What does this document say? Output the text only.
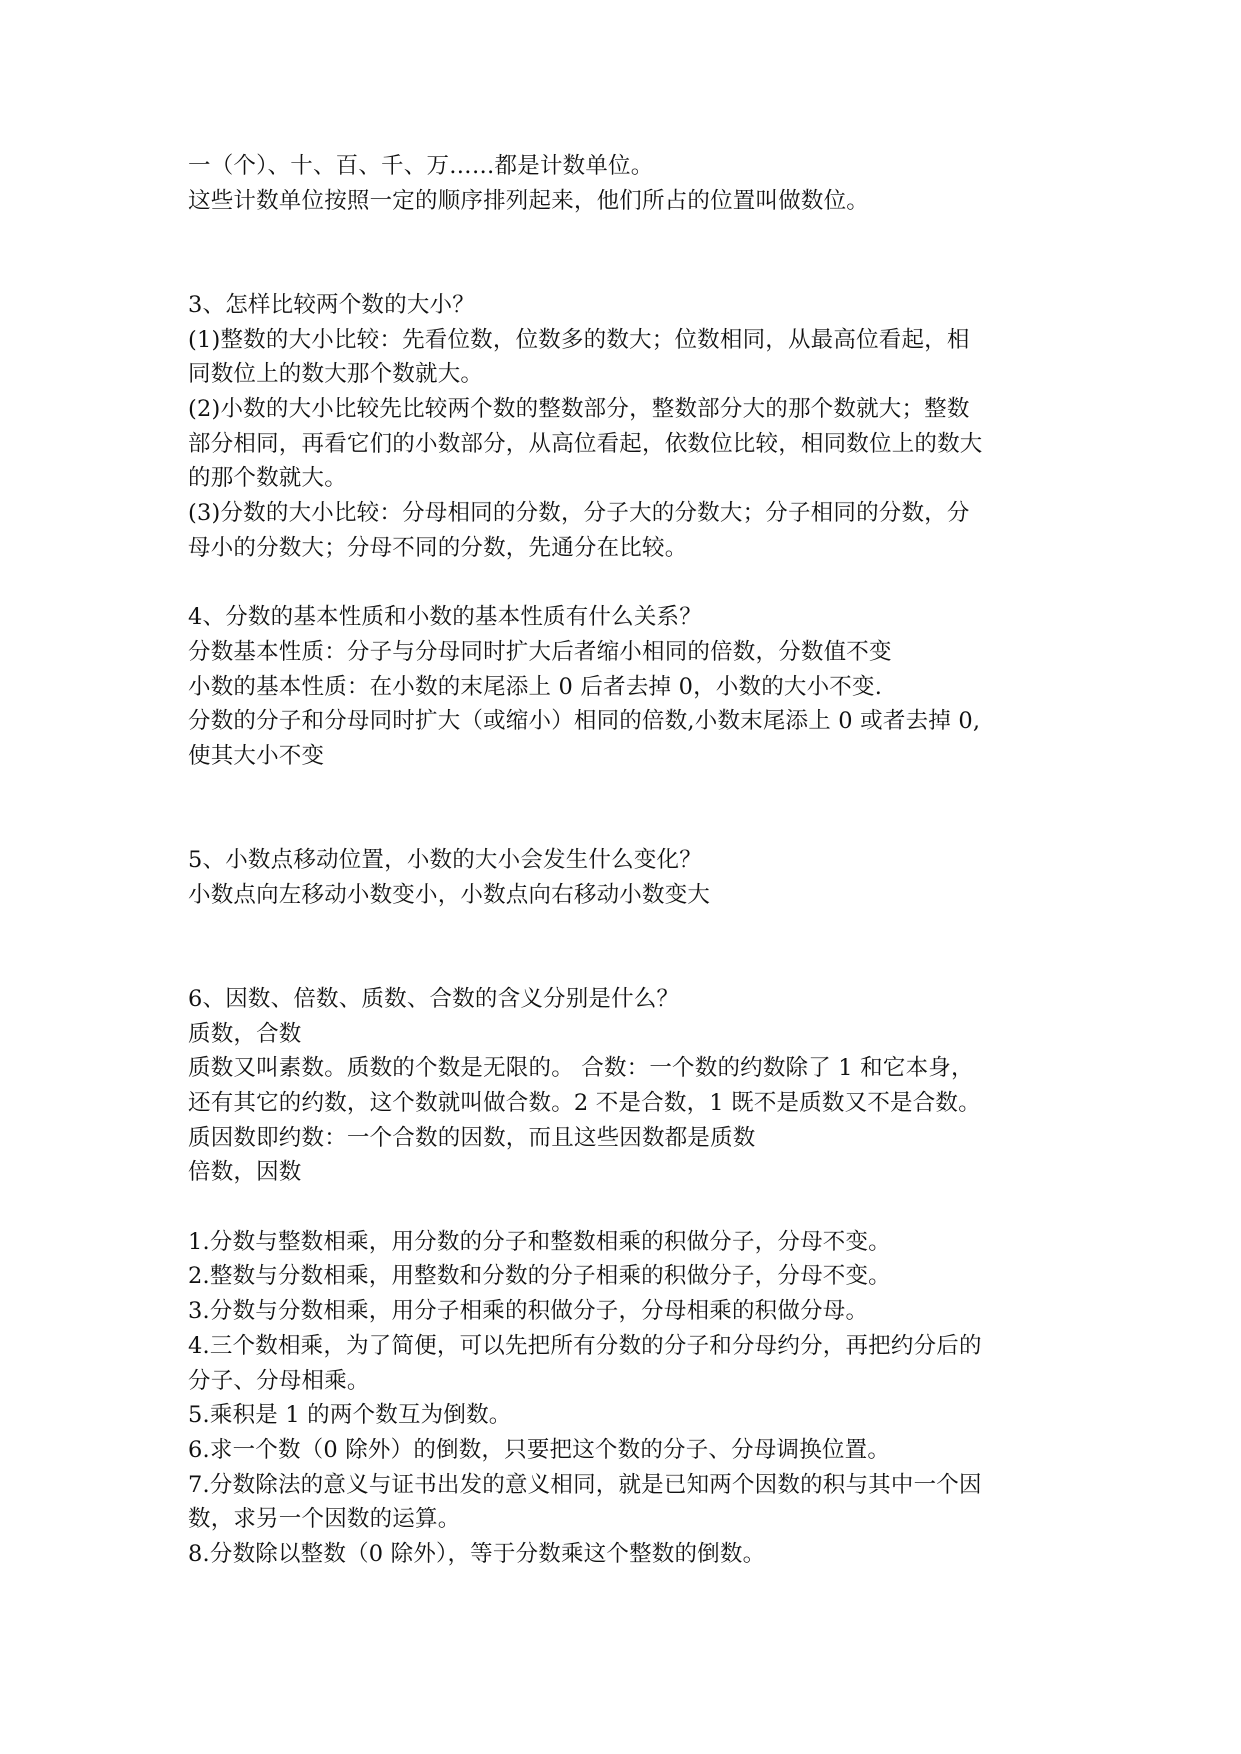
一（个）、十、百、千、万……都是计数单位。
这些计数单位按照一定的顺序排列起来，他们所占的位置叫做数位。
3、怎样比较两个数的大小？
(1)整数的大小比较：先看位数，位数多的数大；位数相同，从最高位看起，相
同数位上的数大那个数就大。
(2)小数的大小比较先比较两个数的整数部分，整数部分大的那个数就大；整数
部分相同，再看它们的小数部分，从高位看起，依数位比较，相同数位上的数大
的那个数就大。
(3)分数的大小比较：分母相同的分数，分子大的分数大；分子相同的分数，分
母小的分数大；分母不同的分数，先通分在比较。
4、分数的基本性质和小数的基本性质有什么关系？
分数基本性质：分子与分母同时扩大后者缩小相同的倍数，分数值不变
小数的基本性质：在小数的末尾添上 0 后者去掉 0，小数的大小不变.
分数的分子和分母同时扩大（或缩小）相同的倍数,小数末尾添上 0 或者去掉 0,
使其大小不变
5、小数点移动位置，小数的大小会发生什么变化？
小数点向左移动小数变小，小数点向右移动小数变大
6、因数、倍数、质数、合数的含义分别是什么？
质数，合数
质数又叫素数。质数的个数是无限的。 合数：一个数的约数除了 1 和它本身，
还有其它的约数，这个数就叫做合数。2 不是合数，1 既不是质数又不是合数。
质因数即约数：一个合数的因数，而且这些因数都是质数
倍数，因数
1.分数与整数相乘，用分数的分子和整数相乘的积做分子，分母不变。
2.整数与分数相乘，用整数和分数的分子相乘的积做分子，分母不变。
3.分数与分数相乘，用分子相乘的积做分子，分母相乘的积做分母。
4.三个数相乘，为了简便，可以先把所有分数的分子和分母约分，再把约分后的
分子、分母相乘。
5.乘积是 1 的两个数互为倒数。
6.求一个数（0 除外）的倒数，只要把这个数的分子、分母调换位置。
7.分数除法的意义与证书出发的意义相同，就是已知两个因数的积与其中一个因
数，求另一个因数的运算。
8.分数除以整数（0 除外），等于分数乘这个整数的倒数。
